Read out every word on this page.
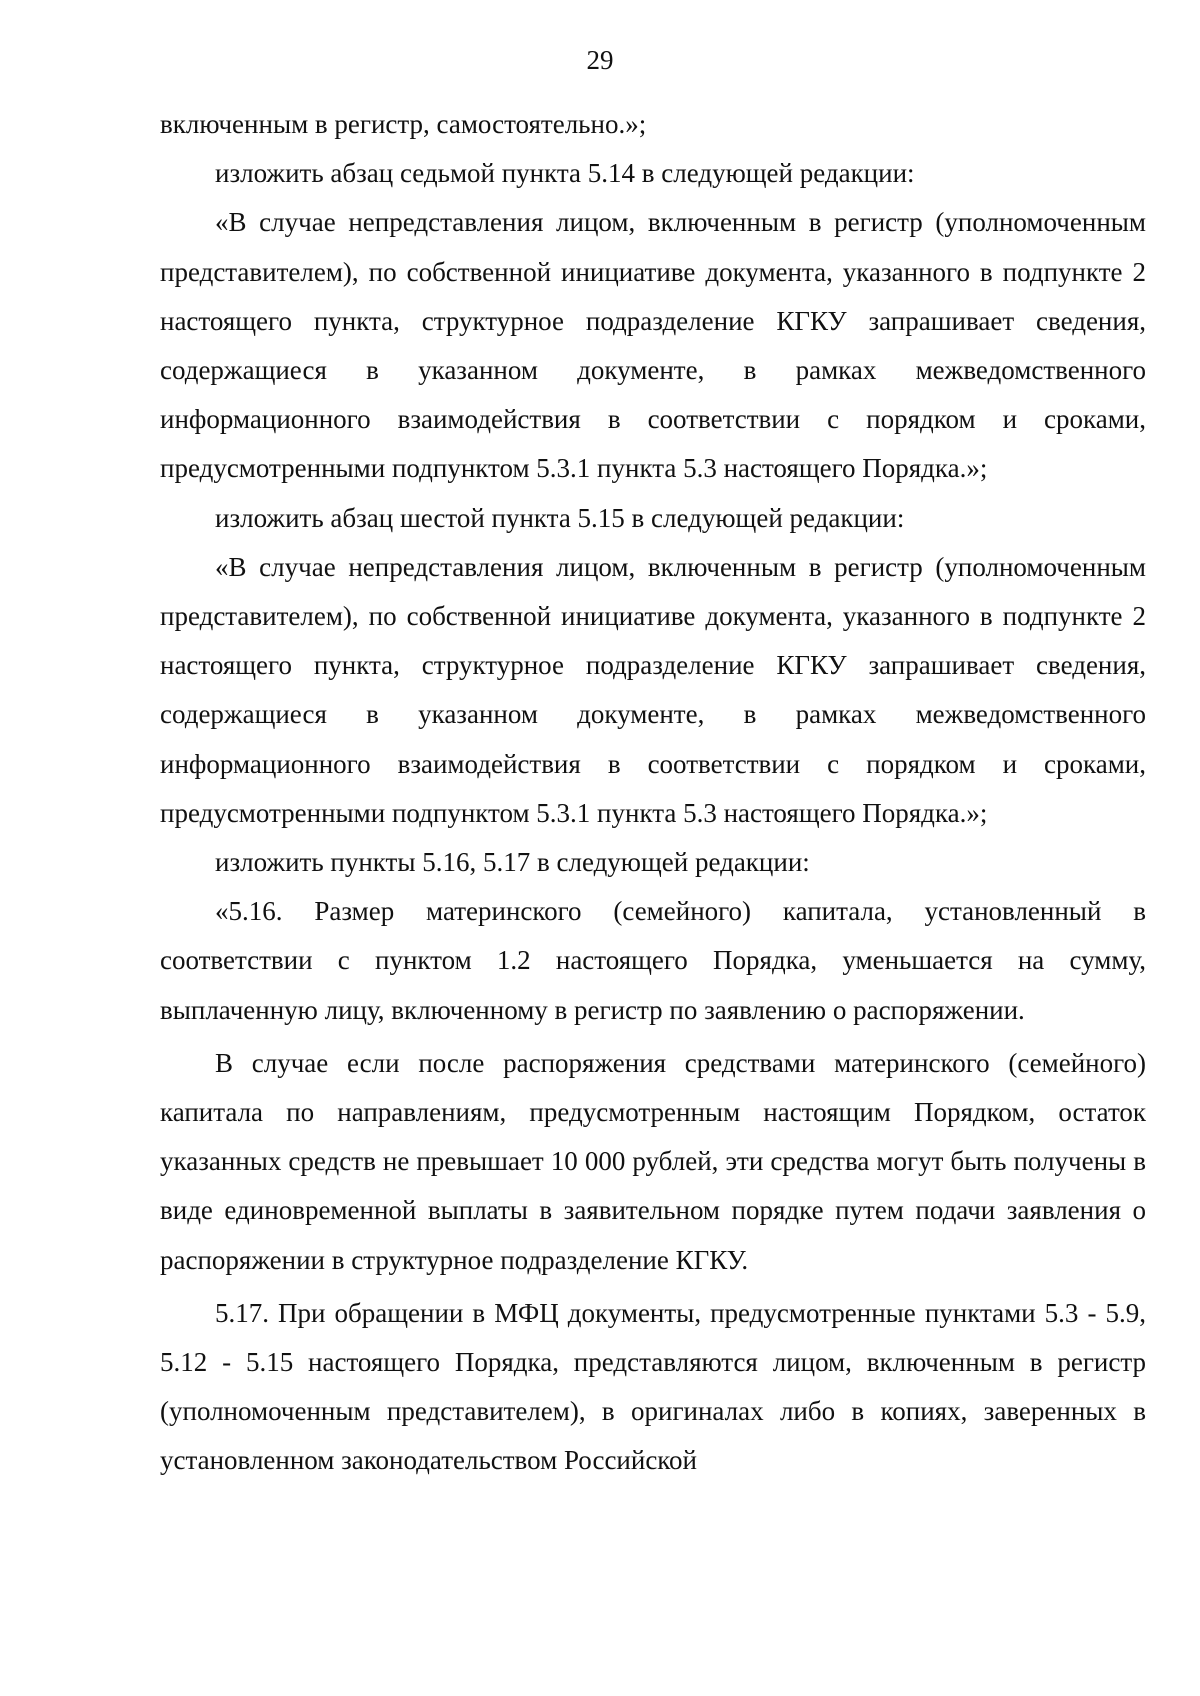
29

включенным в регистр, самостоятельно.»;

изложить абзац седьмой пункта 5.14 в следующей редакции:

«В случае непредставления лицом, включенным в регистр (уполномоченным представителем), по собственной инициативе документа, указанного в подпункте 2 настоящего пункта, структурное подразделение КГКУ запрашивает сведения, содержащиеся в указанном документе, в рамках межведомственного информационного взаимодействия в соответствии с порядком и сроками, предусмотренными подпунктом 5.3.1 пункта 5.3 настоящего Порядка.»;

изложить абзац шестой пункта 5.15 в следующей редакции:

«В случае непредставления лицом, включенным в регистр (уполномоченным представителем), по собственной инициативе документа, указанного в подпункте 2 настоящего пункта, структурное подразделение КГКУ запрашивает сведения, содержащиеся в указанном документе, в рамках межведомственного информационного взаимодействия в соответствии с порядком и сроками, предусмотренными подпунктом 5.3.1 пункта 5.3 настоящего Порядка.»;

изложить пункты 5.16, 5.17 в следующей редакции:

«5.16. Размер материнского (семейного) капитала, установленный в соответствии с пунктом 1.2 настоящего Порядка, уменьшается на сумму, выплаченную лицу, включенному в регистр по заявлению о распоряжении.

В случае если после распоряжения средствами материнского (семейного) капитала по направлениям, предусмотренным настоящим Порядком, остаток указанных средств не превышает 10 000 рублей, эти средства могут быть получены в виде единовременной выплаты в заявительном порядке путем подачи заявления о распоряжении в структурное подразделение КГКУ.

5.17. При обращении в МФЦ документы, предусмотренные пунктами 5.3 - 5.9, 5.12 - 5.15 настоящего Порядка, представляются лицом, включенным в регистр (уполномоченным представителем), в оригиналах либо в копиях, заверенных в установленном законодательством Российской
